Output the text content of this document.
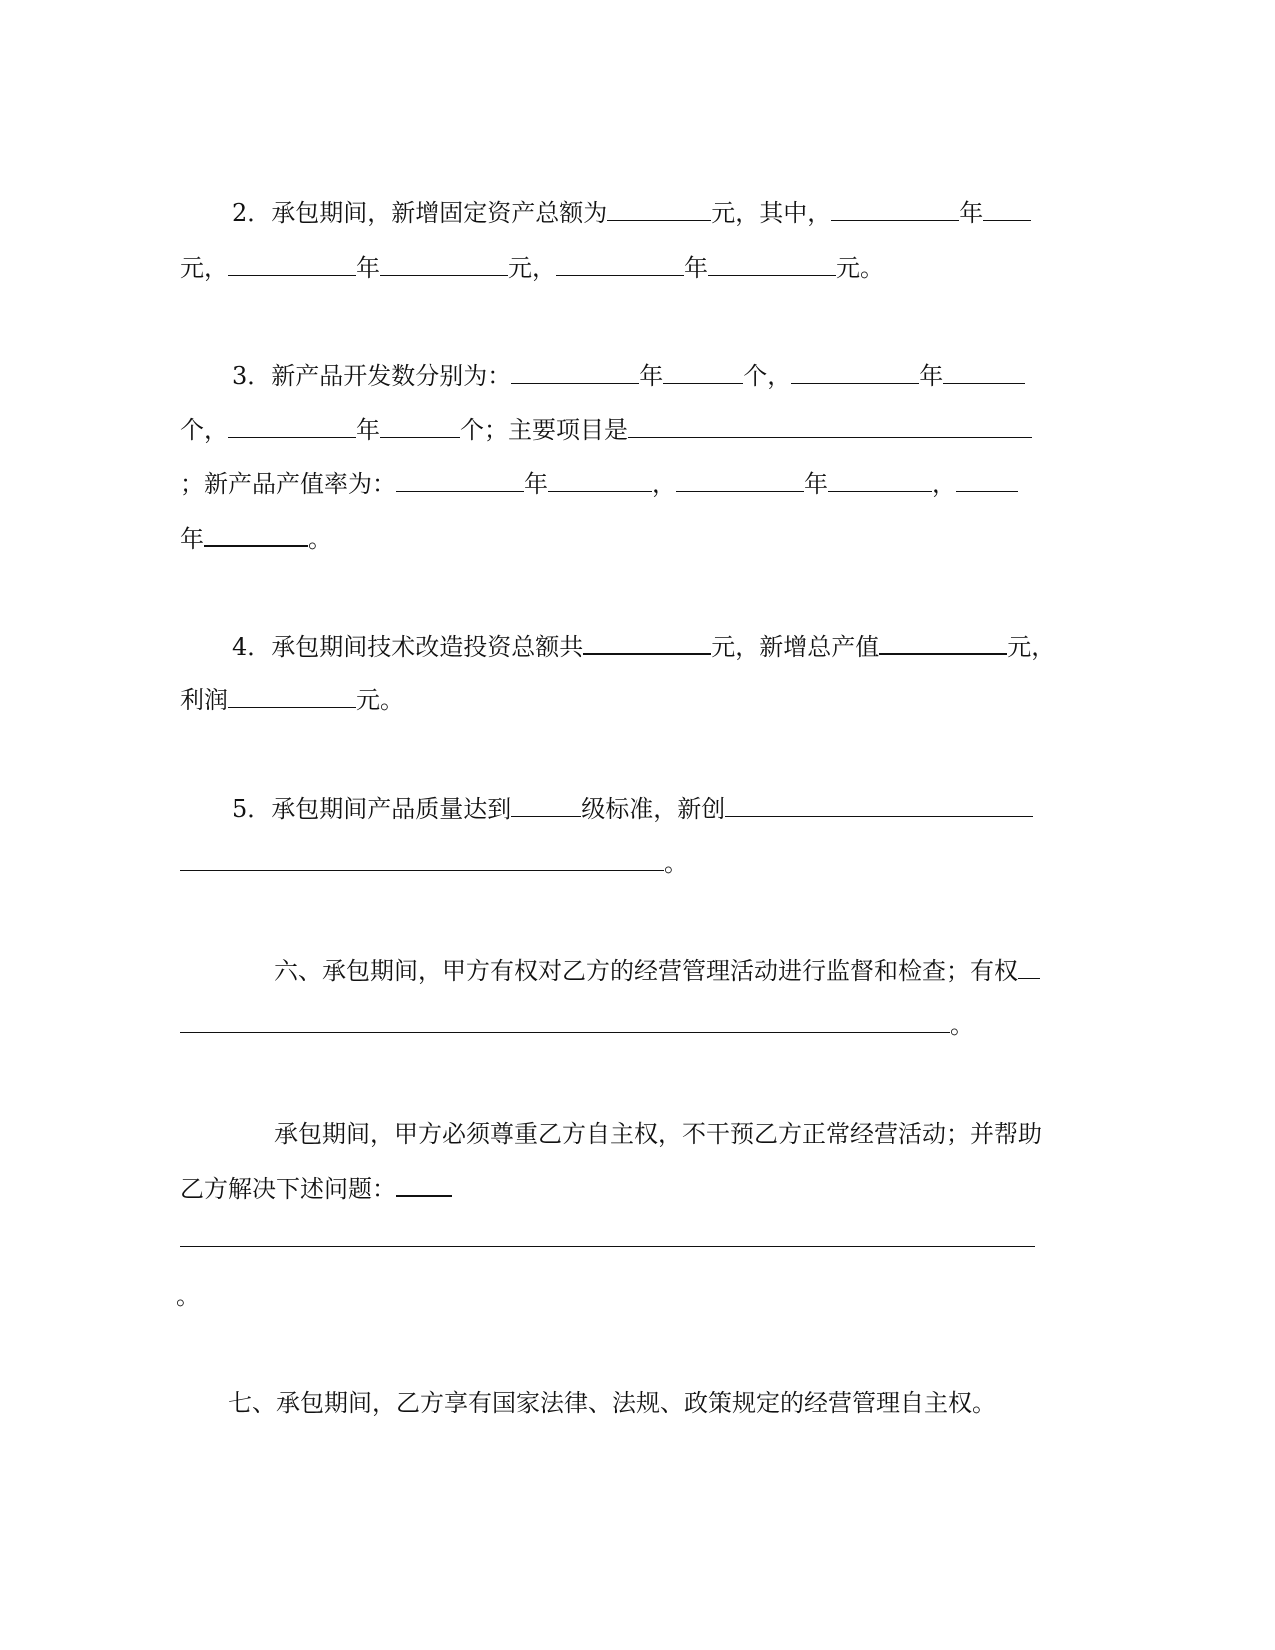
2．承包期间，新增固定资产总额为	元，其中，	年
元，	年	元，	年	元。
3．新产品开发数分别为：	年	个，	年
个，	年	个；主要项目是
；新产品产值率为：	年	，	年	，
年	。
4．承包期间技术改造投资总额共	元，新增总产值	元，
利润	元。
5．承包期间产品质量达到	级标准，新创
。
六、承包期间，甲方有权对乙方的经营管理活动进行监督和检查；有权
。
承包期间，甲方必须尊重乙方自主权，不干预乙方正常经营活动；并帮助
乙方解决下述问题：
。
七、承包期间，乙方享有国家法律、法规、政策规定的经营管理自主权。
